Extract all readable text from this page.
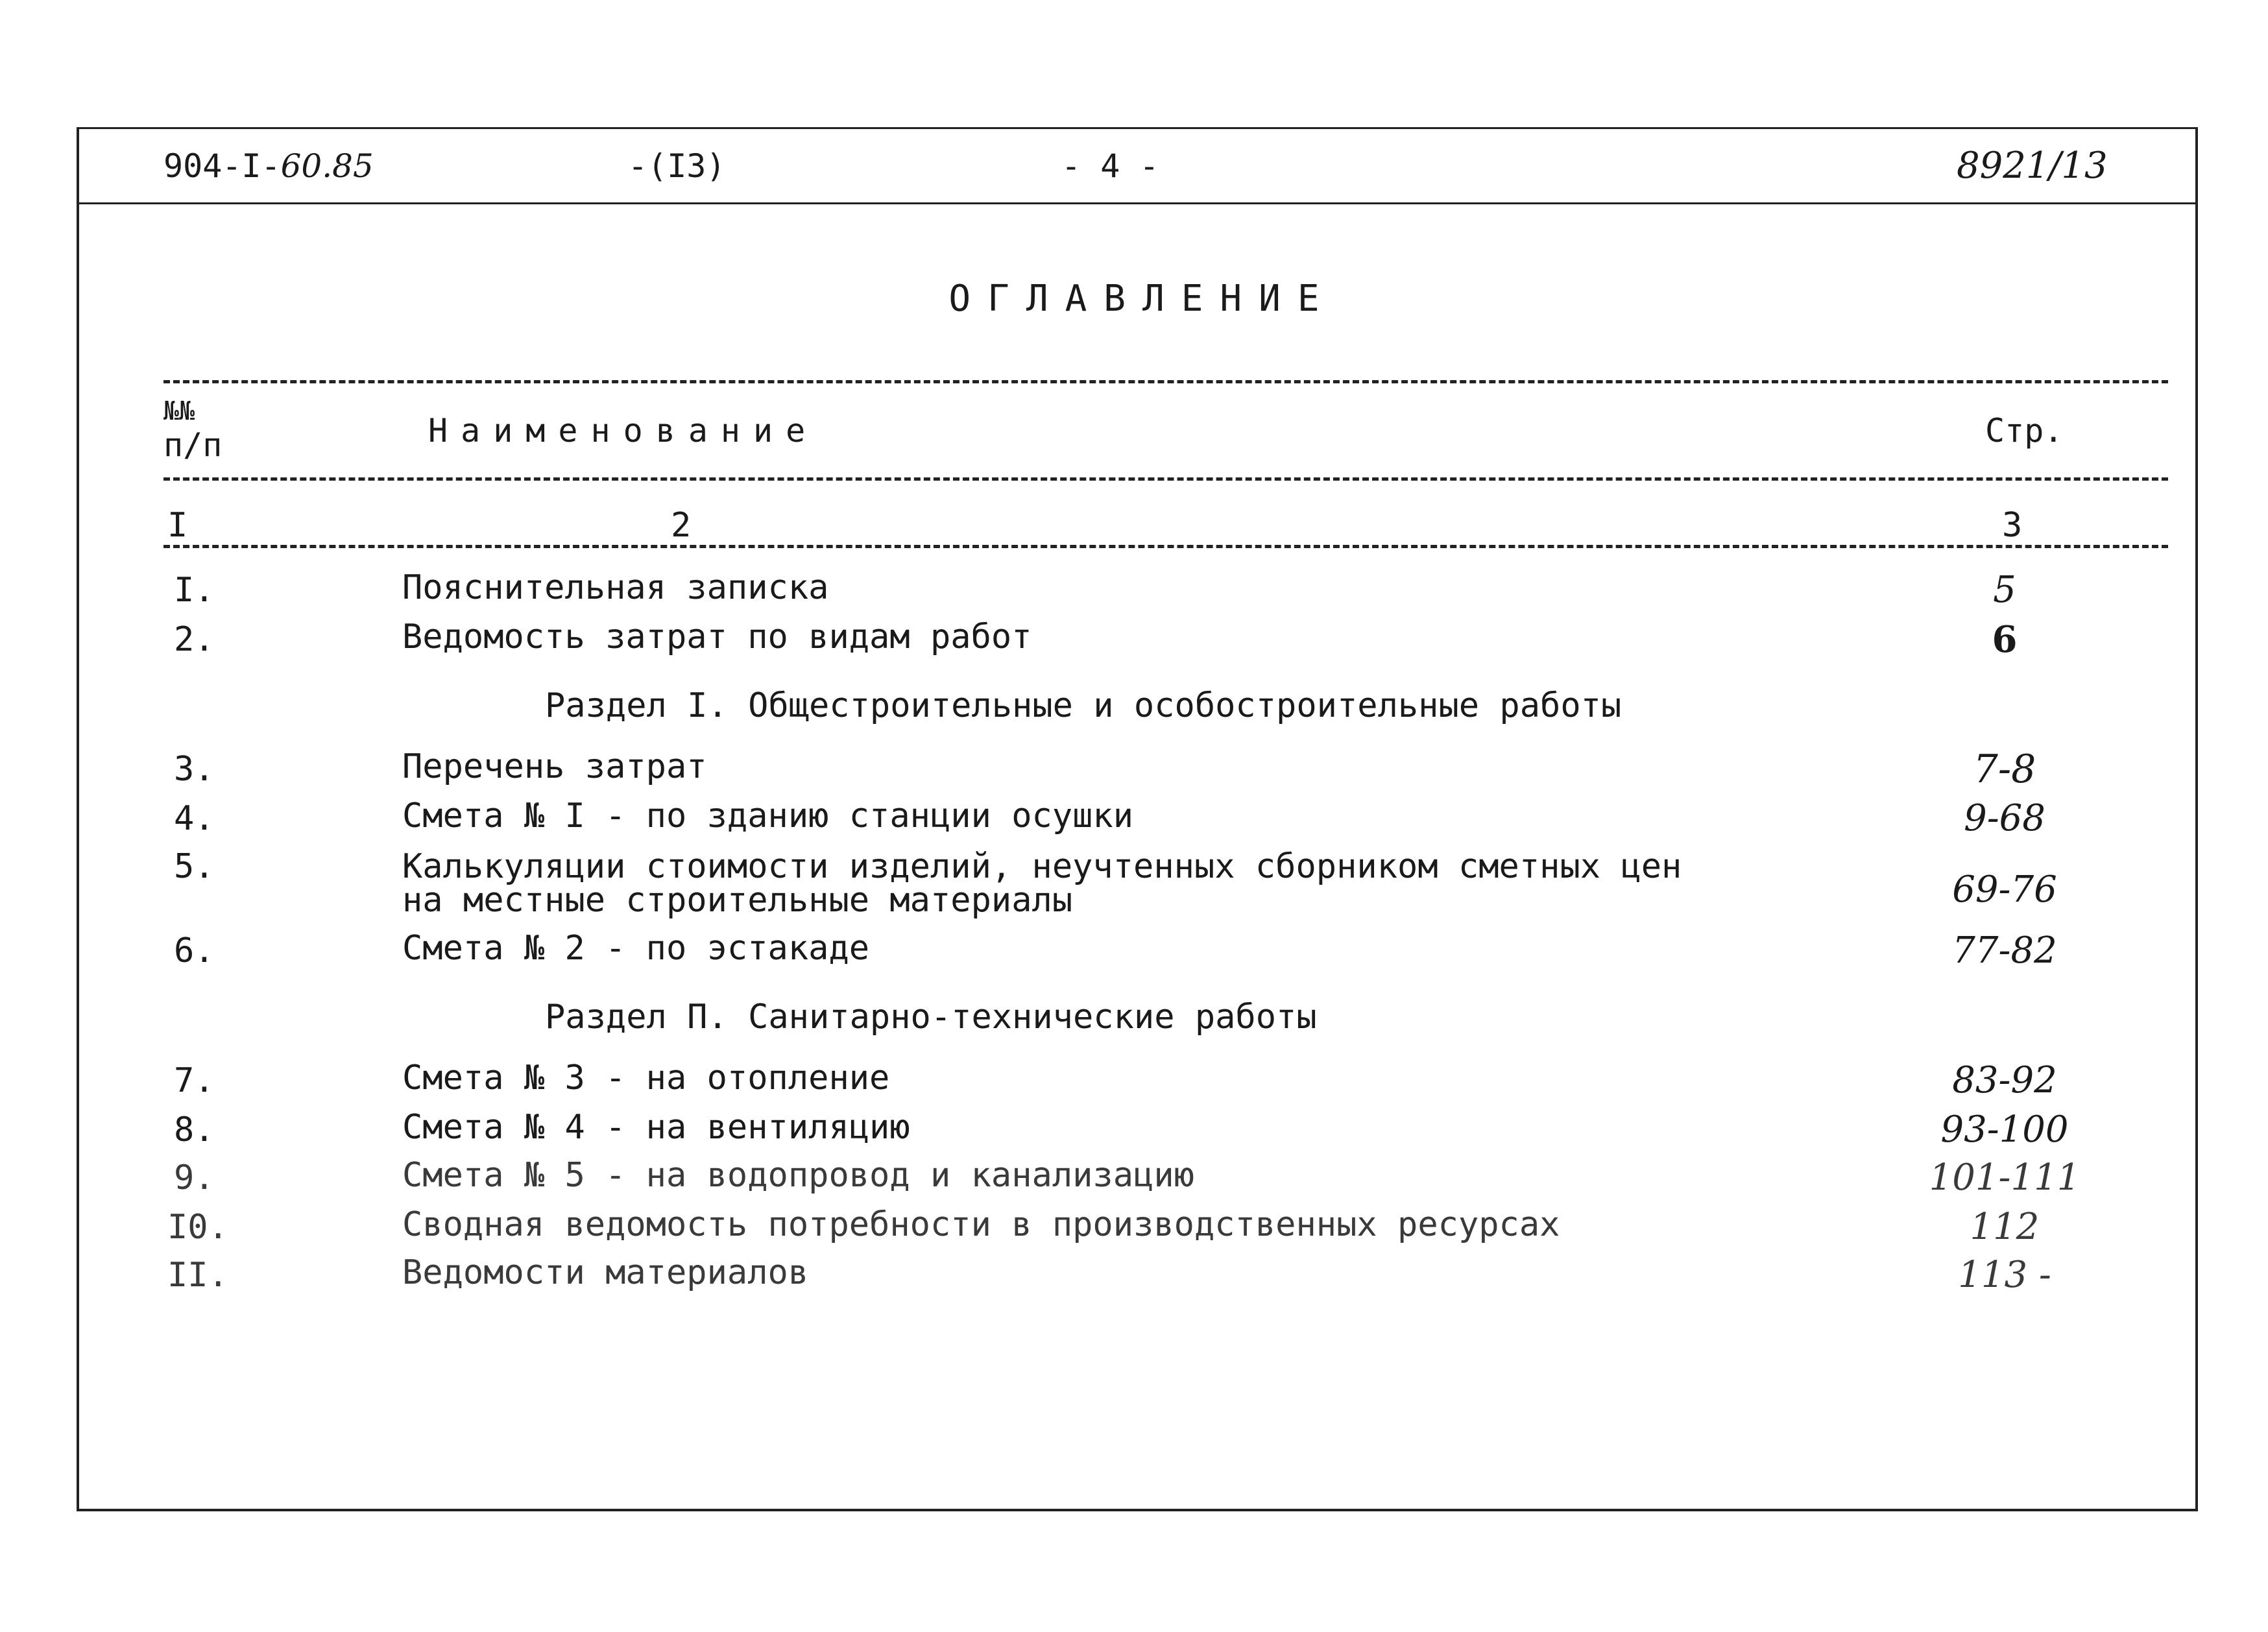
904-I-60.85	-(I3)	- 4 -	8921/13
ОГЛАВЛЕНИЕ
№№
п/п	Наименование	Стр.
I	2	3
I.	Пояснительная записка	5
2.	Ведомость затрат по видам работ	6
Раздел I. Общестроительные и особостроительные работы
3.	Перечень затрат	7-8
4.	Смета № I - по зданию станции осушки	9-68
5.	Калькуляции стоимости изделий, неучтенных сборником сметных цен
на местные строительные материалы	69-76
6.	Смета № 2 - по эстакаде	77-82
Раздел П. Санитарно-технические работы
7.	Смета № 3 - на отопление	83-92
8.	Смета № 4 - на вентиляцию	93-100
9.	Смета № 5 - на водопровод и канализацию	101-111
I0.	Сводная ведомость потребности в производственных ресурсах	112
II.	Ведомости материалов	113 -
